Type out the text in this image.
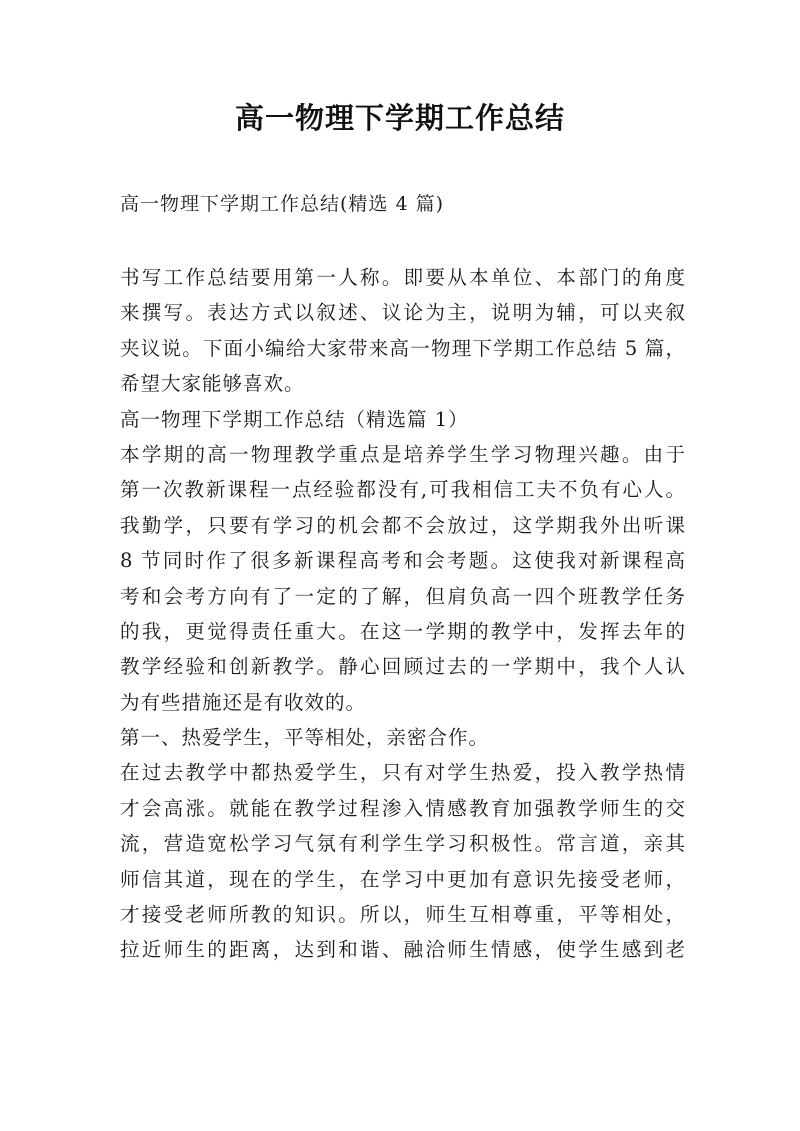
高一物理下学期工作总结
高一物理下学期工作总结(精选 4 篇)
书写工作总结要用第一人称。即要从本单位、本部门的角度
来撰写。表达方式以叙述、议论为主，说明为辅，可以夹叙
夹议说。下面小编给大家带来高一物理下学期工作总结 5 篇，
希望大家能够喜欢。
高一物理下学期工作总结（精选篇 1）
本学期的高一物理教学重点是培养学生学习物理兴趣。由于
第一次教新课程一点经验都没有,可我相信工夫不负有心人。
我勤学，只要有学习的机会都不会放过，这学期我外出听课
8 节同时作了很多新课程高考和会考题。这使我对新课程高
考和会考方向有了一定的了解，但肩负高一四个班教学任务
的我，更觉得责任重大。在这一学期的教学中，发挥去年的
教学经验和创新教学。静心回顾过去的一学期中，我个人认
为有些措施还是有收效的。
第一、热爱学生，平等相处，亲密合作。
在过去教学中都热爱学生，只有对学生热爱，投入教学热情
才会高涨。就能在教学过程渗入情感教育加强教学师生的交
流，营造宽松学习气氛有利学生学习积极性。常言道，亲其
师信其道，现在的学生，在学习中更加有意识先接受老师，
才接受老师所教的知识。所以，师生互相尊重，平等相处，
拉近师生的距离，达到和谐、融洽师生情感，使学生感到老
